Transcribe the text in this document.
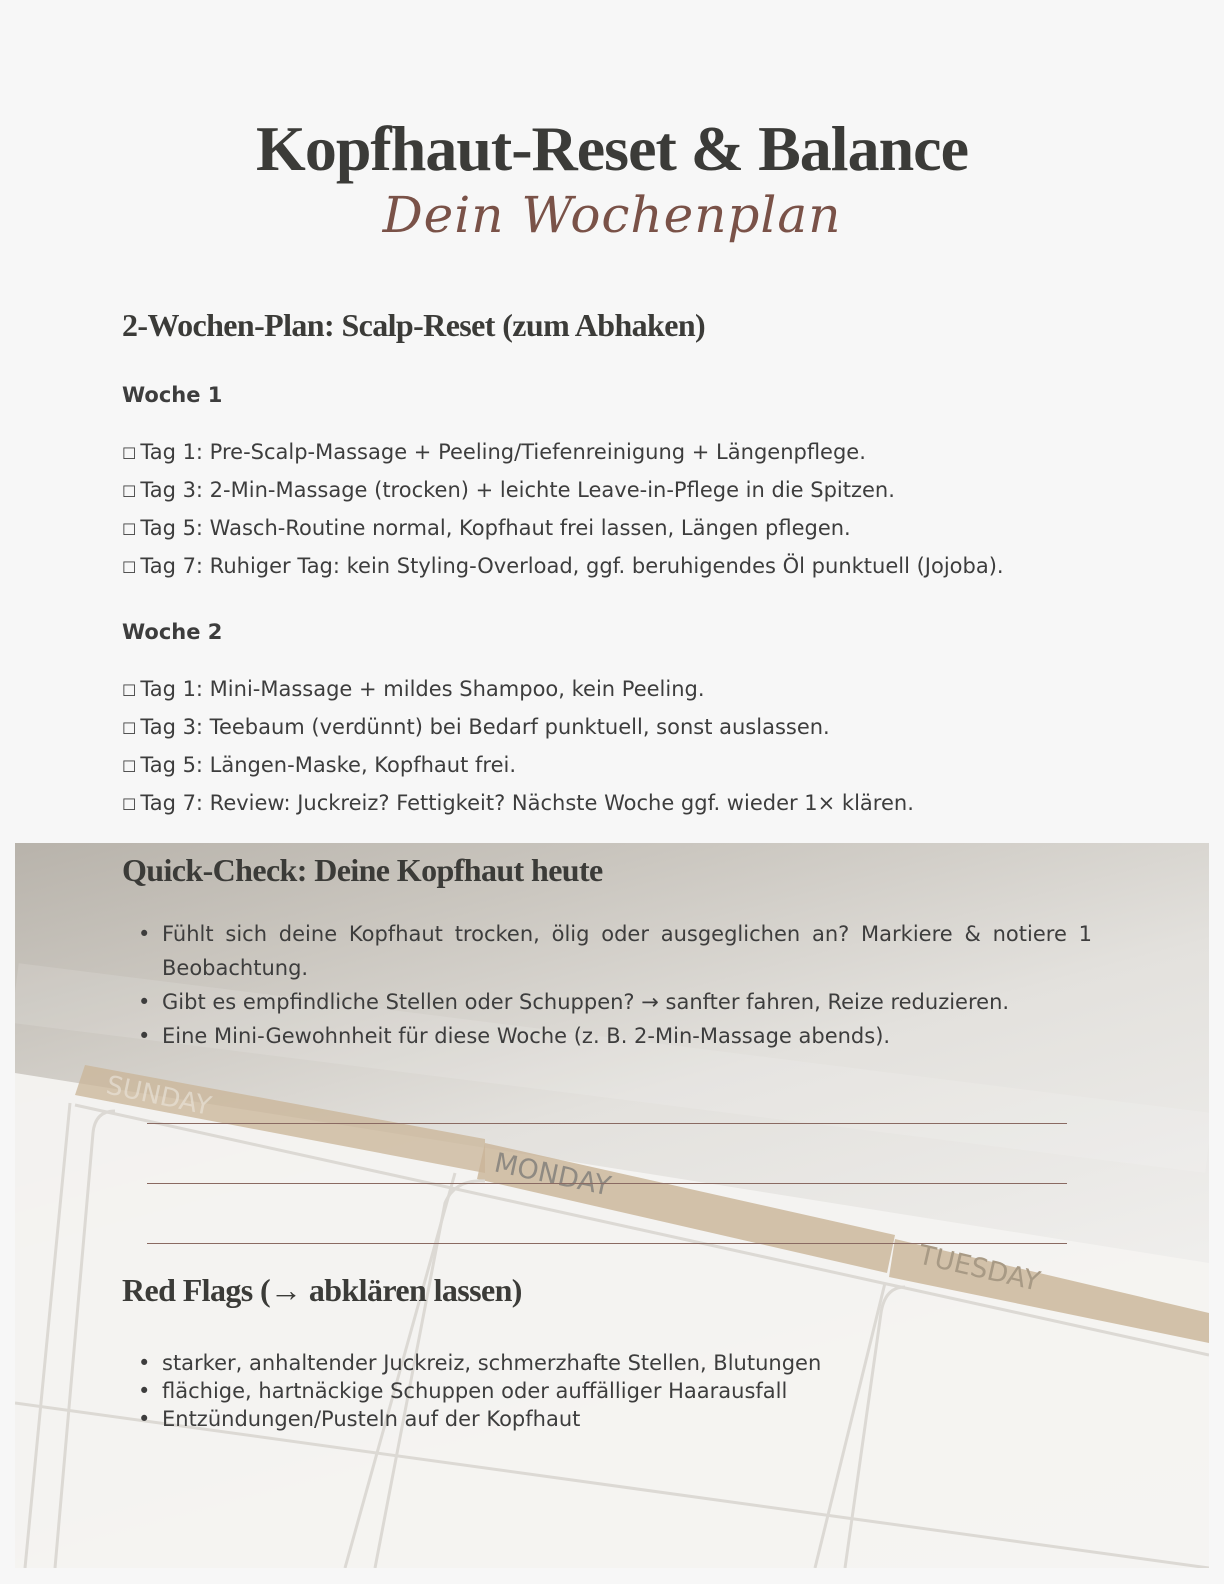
Kopfhaut-Reset & Balance
Dein Wochenplan
2-Wochen-Plan: Scalp-Reset (zum Abhaken)
Woche 1
☐ Tag 1: Pre-Scalp-Massage + Peeling/Tiefenreinigung + Längenpflege.
☐ Tag 3: 2-Min-Massage (trocken) + leichte Leave-in-Pflege in die Spitzen.
☐ Tag 5: Wasch-Routine normal, Kopfhaut frei lassen, Längen pflegen.
☐ Tag 7: Ruhiger Tag: kein Styling-Overload, ggf. beruhigendes Öl punktuell (Jojoba).
Woche 2
☐ Tag 1: Mini-Massage + mildes Shampoo, kein Peeling.
☐ Tag 3: Teebaum (verdünnt) bei Bedarf punktuell, sonst auslassen.
☐ Tag 5: Längen-Maske, Kopfhaut frei.
☐ Tag 7: Review: Juckreiz? Fettigkeit? Nächste Woche ggf. wieder 1× klären.
SUNDAY
MONDAY
TUESDAY
Quick-Check: Deine Kopfhaut heute
• Fühlt sich deine Kopfhaut trocken, ölig oder ausgeglichen an? Markiere & notiere 1 Beobachtung.
• Gibt es empfindliche Stellen oder Schuppen? → sanfter fahren, Reize reduzieren.
• Eine Mini-Gewohnheit für diese Woche (z. B. 2-Min-Massage abends).
Red Flags (→ abklären lassen)
• starker, anhaltender Juckreiz, schmerzhafte Stellen, Blutungen
• flächige, hartnäckige Schuppen oder auffälliger Haarausfall
• Entzündungen/Pusteln auf der Kopfhaut
